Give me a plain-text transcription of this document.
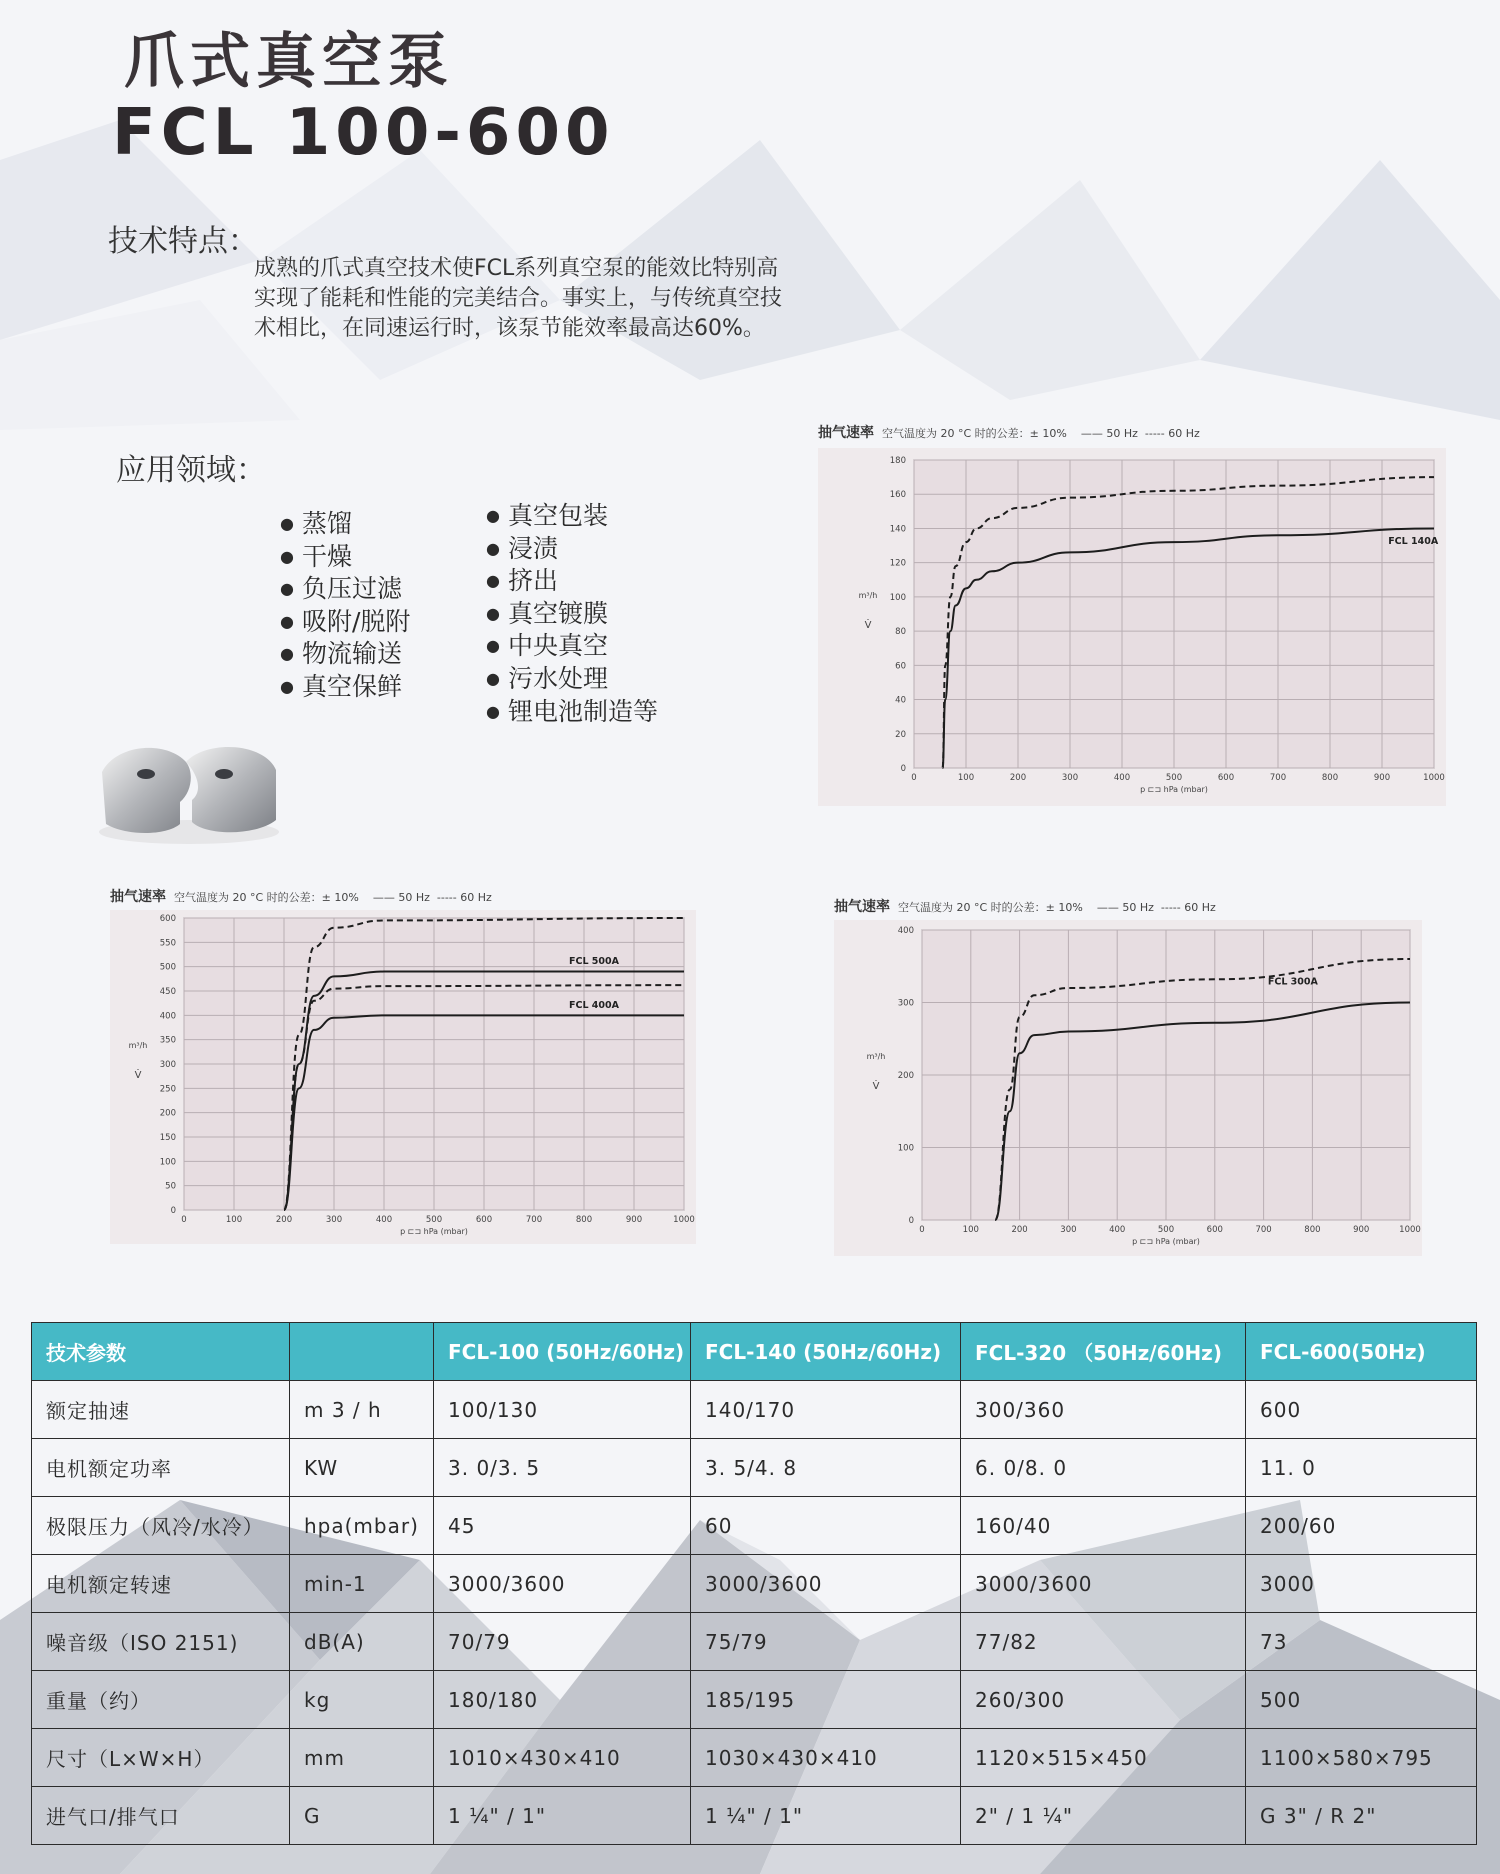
爪式真空泵
FCL 100-600
技术特点：
成熟的爪式真空技术使FCL系列真空泵的能效比特别高
实现了能耗和性能的完美结合。事实上，与传统真空技
术相比，在同速运行时，该泵节能效率最高达60%。
应用领域：
● 蒸馏
● 干燥
● 负压过滤
● 吸附/脱附
● 物流输送
● 真空保鲜
● 真空包装
● 浸渍
● 挤出
● 真空镀膜
● 中央真空
● 污水处理
● 锂电池制造等
抽气速率 空气温度为 20 °C 时的公差：± 10% —— 50 Hz ----- 60 Hz
0	100	200	300	400	500	600	700	800	900	1000
0
20
40
60
80
100
120
140
160
180
m³/h
V̇
p ⊏⊐ hPa (mbar)
FCL 140A
抽气速率 空气温度为 20 °C 时的公差：± 10% —— 50 Hz ----- 60 Hz
0	100	200	300	400	500	600	700	800	900	1000
0
50
100
150
200
250
300
350
400
450
500
550
600
m³/h
V̇
p ⊏⊐ hPa (mbar)
FCL 500A
FCL 400A
抽气速率 空气温度为 20 °C 时的公差：± 10% —— 50 Hz ----- 60 Hz
0	100	200	300	400	500	600	700	800	900	1000
0
100
200
300
400
m³/h
V̇
p ⊏⊐ hPa (mbar)
FCL 300A
技术参数		FCL-100 (50Hz/60Hz)	FCL-140 (50Hz/60Hz)	FCL-320 （50Hz/60Hz)	FCL-600(50Hz)
额定抽速	m 3 / h	100/130	140/170	300/360	600
电机额定功率	KW	3. 0/3. 5	3. 5/4. 8	6. 0/8. 0	11. 0
极限压力（风冷/水冷）	hpa(mbar)	45	60	160/40	200/60
电机额定转速	min-1	3000/3600	3000/3600	3000/3600	3000
噪音级（ISO 2151)	dB(A)	70/79	75/79	77/82	73
重量（约）	kg	180/180	185/195	260/300	500
尺寸（L×W×H）	mm	1010×430×410	1030×430×410	1120×515×450	1100×580×795
进气口/排气口	G	1 ¼" / 1"	1 ¼" / 1"	2" / 1 ¼"	G 3" / R 2"
